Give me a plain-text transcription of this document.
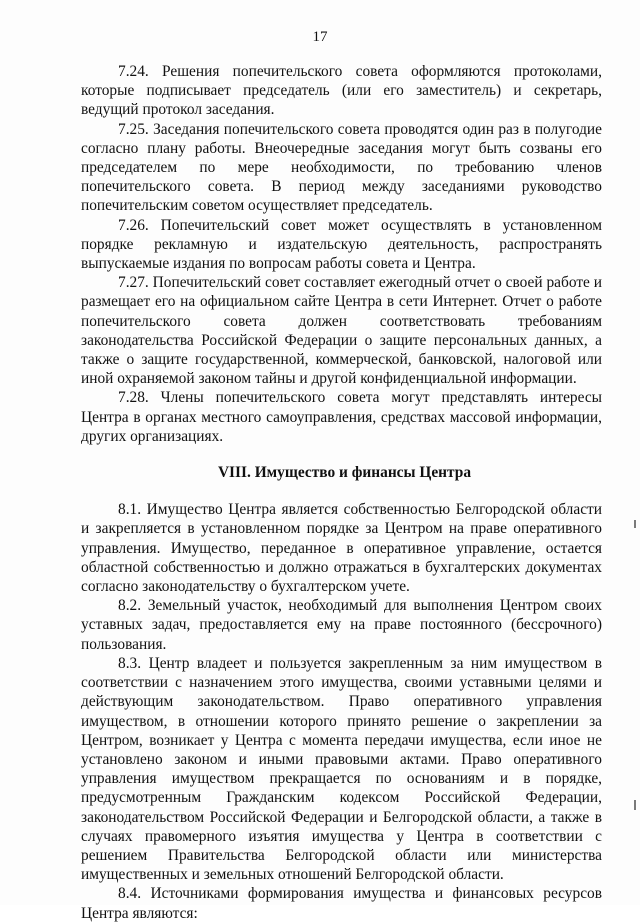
17

7.24. Решения попечительского совета оформляются протоколами, которые подписывает председатель (или его заместитель) и секретарь, ведущий протокол заседания.

7.25. Заседания попечительского совета проводятся один раз в полугодие согласно плану работы. Внеочередные заседания могут быть созваны его председателем по мере необходимости, по требованию членов попечительского совета. В период между заседаниями руководство попечительским советом осуществляет председатель.

7.26. Попечительский совет может осуществлять в установленном порядке рекламную и издательскую деятельность, распространять выпускаемые издания по вопросам работы совета и Центра.

7.27. Попечительский совет составляет ежегодный отчет о своей работе и размещает его на официальном сайте Центра в сети Интернет. Отчет о работе попечительского совета должен соответствовать требованиям законодательства Российской Федерации о защите персональных данных, а также о защите государственной, коммерческой, банковской, налоговой или иной охраняемой законом тайны и другой конфиденциальной информации.

7.28. Члены попечительского совета могут представлять интересы Центра в органах местного самоуправления, средствах массовой информации, других организациях.

VIII. Имущество и финансы Центра

8.1. Имущество Центра является собственностью Белгородской области и закрепляется в установленном порядке за Центром на праве оперативного управления. Имущество, переданное в оперативное управление, остается областной собственностью и должно отражаться в бухгалтерских документах согласно законодательству о бухгалтерском учете.

8.2. Земельный участок, необходимый для выполнения Центром своих уставных задач, предоставляется ему на праве постоянного (бессрочного) пользования.

8.3. Центр владеет и пользуется закрепленным за ним имуществом в соответствии с назначением этого имущества, своими уставными целями и действующим законодательством. Право оперативного управления имуществом, в отношении которого принято решение о закреплении за Центром, возникает у Центра с момента передачи имущества, если иное не установлено законом и иными правовыми актами. Право оперативного управления имуществом прекращается по основаниям и в порядке, предусмотренным Гражданским кодексом Российской Федерации, законодательством Российской Федерации и Белгородской области, а также в случаях правомерного изъятия имущества у Центра в соответствии с решением Правительства Белгородской области или министерства имущественных и земельных отношений Белгородской области.

8.4. Источниками формирования имущества и финансовых ресурсов Центра являются:
